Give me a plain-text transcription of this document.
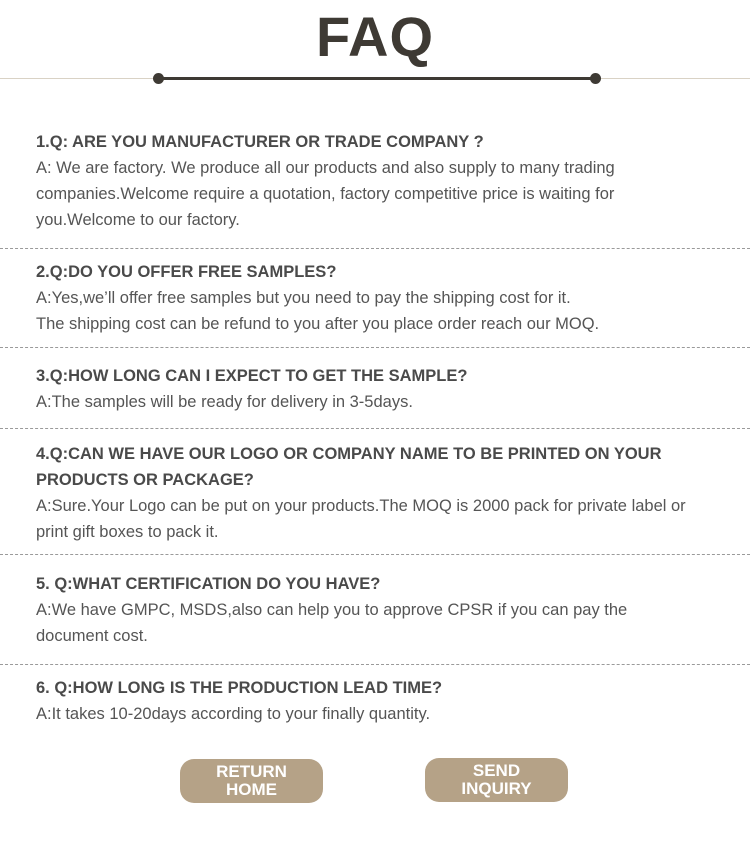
FAQ

1.Q: ARE YOU MANUFACTURER OR TRADE COMPANY ?

A: We are factory. We produce all our products and also supply to many trading companies.Welcome require a quotation, factory competitive price is waiting for you.Welcome to our factory.

2.Q:DO YOU OFFER FREE SAMPLES?

A:Yes,we’ll offer free samples but you need to pay the shipping cost for it.

The shipping cost can be refund to you after you place order reach our MOQ.

3.Q:HOW LONG CAN I EXPECT TO GET THE SAMPLE?

A:The samples will be ready for delivery in 3-5days.

4.Q:CAN WE HAVE OUR LOGO OR COMPANY NAME TO BE PRINTED ON YOUR PRODUCTS OR PACKAGE?

A:Sure.Your Logo can be put on your products.The MOQ is 2000 pack for private label or print gift boxes to pack it.

5. Q:WHAT CERTIFICATION DO YOU HAVE?

A:We have GMPC, MSDS,also can help you to approve CPSR if you can pay the document cost.

6. Q:HOW LONG IS THE PRODUCTION LEAD TIME?

A:It takes 10-20days according to your finally quantity.

RETURN
HOME
SEND
INQUIRY
